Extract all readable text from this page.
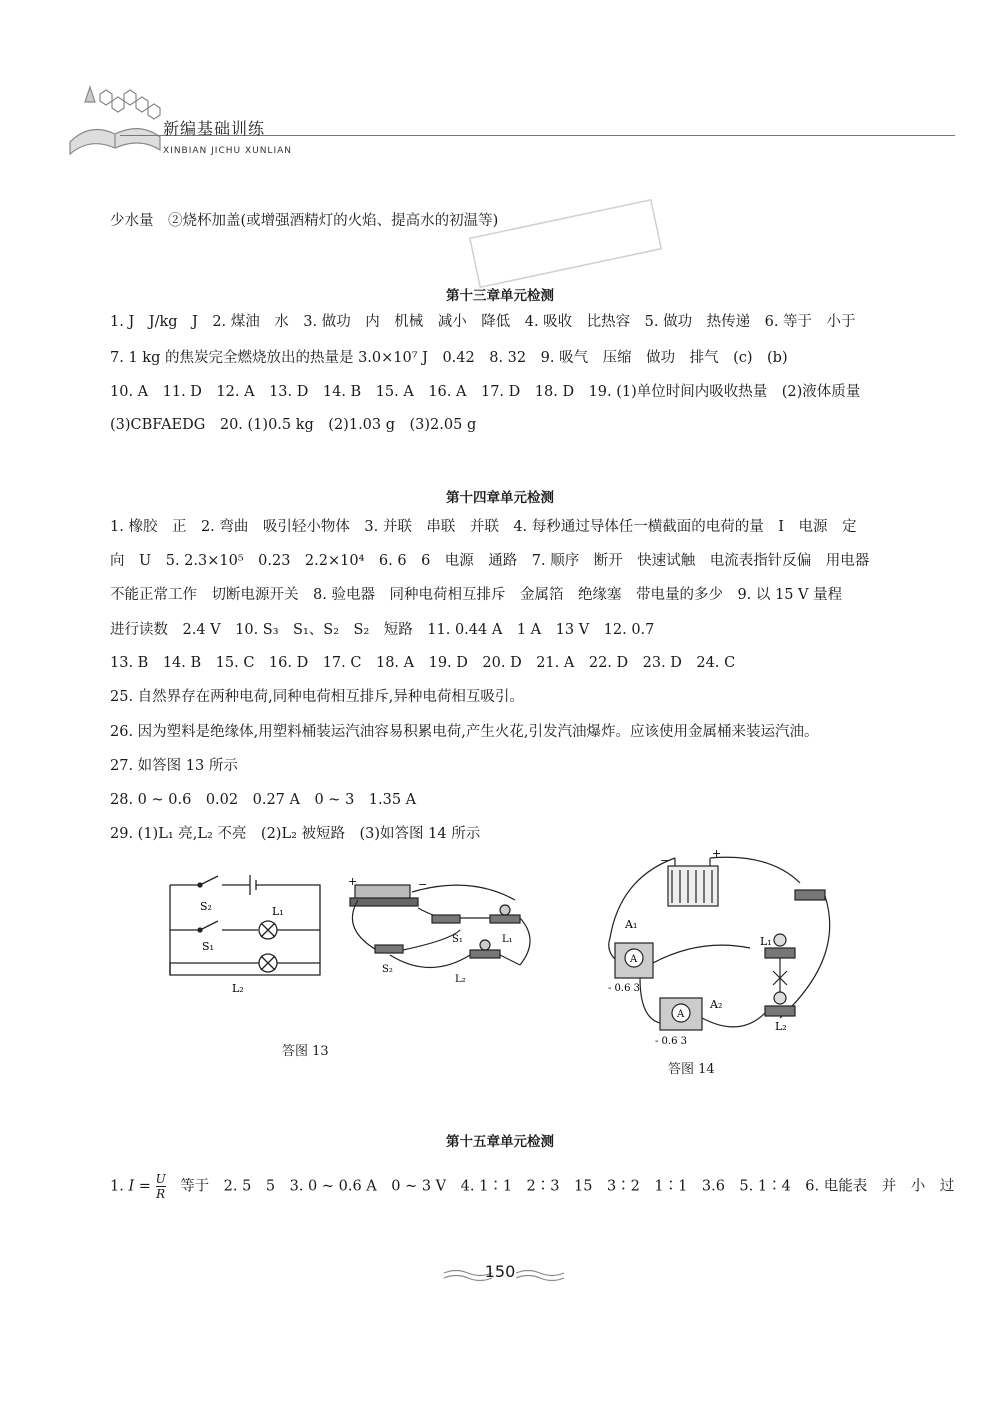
新编基础训练
XINBIAN JICHU XUNLIAN
少水量　②烧杯加盖(或增强酒精灯的火焰、提高水的初温等)
第十三章单元检测
1. J　J/kg　J　2. 煤油　水　3. 做功　内　机械　减小　降低　4. 吸收　比热容　5. 做功　热传递　6. 等于　小于
7. 1 kg 的焦炭完全燃烧放出的热量是 3.0×10⁷ J　0.42　8. 32　9. 吸气　压缩　做功　排气　(c)　(b)
10. A　11. D　12. A　13. D　14. B　15. A　16. A　17. D　18. D　19. (1)单位时间内吸收热量　(2)液体质量
(3)CBFAEDG　20. (1)0.5 kg　(2)1.03 g　(3)2.05 g
第十四章单元检测
1. 橡胶　正　2. 弯曲　吸引轻小物体　3. 并联　串联　并联　4. 每秒通过导体任一横截面的电荷的量　I　电源　定
向　U　5. 2.3×10⁵　0.23　2.2×10⁴　6. 6　6　电源　通路　7. 顺序　断开　快速试触　电流表指针反偏　用电器
不能正常工作　切断电源开关　8. 验电器　同种电荷相互排斥　金属箔　绝缘塞　带电量的多少　9. 以 15 V 量程
进行读数　2.4 V　10. S₃　S₁、S₂　S₂　短路　11. 0.44 A　1 A　13 V　12. 0.7
13. B　14. B　15. C　16. D　17. C　18. A　19. D　20. D　21. A　22. D　23. D　24. C
25. 自然界存在两种电荷,同种电荷相互排斥,异种电荷相互吸引。
26. 因为塑料是绝缘体,用塑料桶装运汽油容易积累电荷,产生火花,引发汽油爆炸。应该使用金属桶来装运汽油。
27. 如答图 13 所示
28. 0 ~ 0.6　0.02　0.27 A　0 ~ 3　1.35 A
29. (1)L₁ 亮,L₂ 不亮　(2)L₂ 被短路　(3)如答图 14 所示
S₂
S₁
L₁
L₂
+	−
S₁	L₁
S₂
L₂
答图 13
A₁
A₂
L₁
L₂
A
A
- 0.6 3
- 0.6 3
−
+
答图 14
第十五章单元检测
1. $I = \frac{U}{R}$
　 等于　2. 5　5　3. 0 ~ 0.6 A　0 ~ 3 V　4. 1∶1　2∶3　15　3∶2　1∶1　3.6　5. 1∶4　6. 电能表　并　小　过
150
